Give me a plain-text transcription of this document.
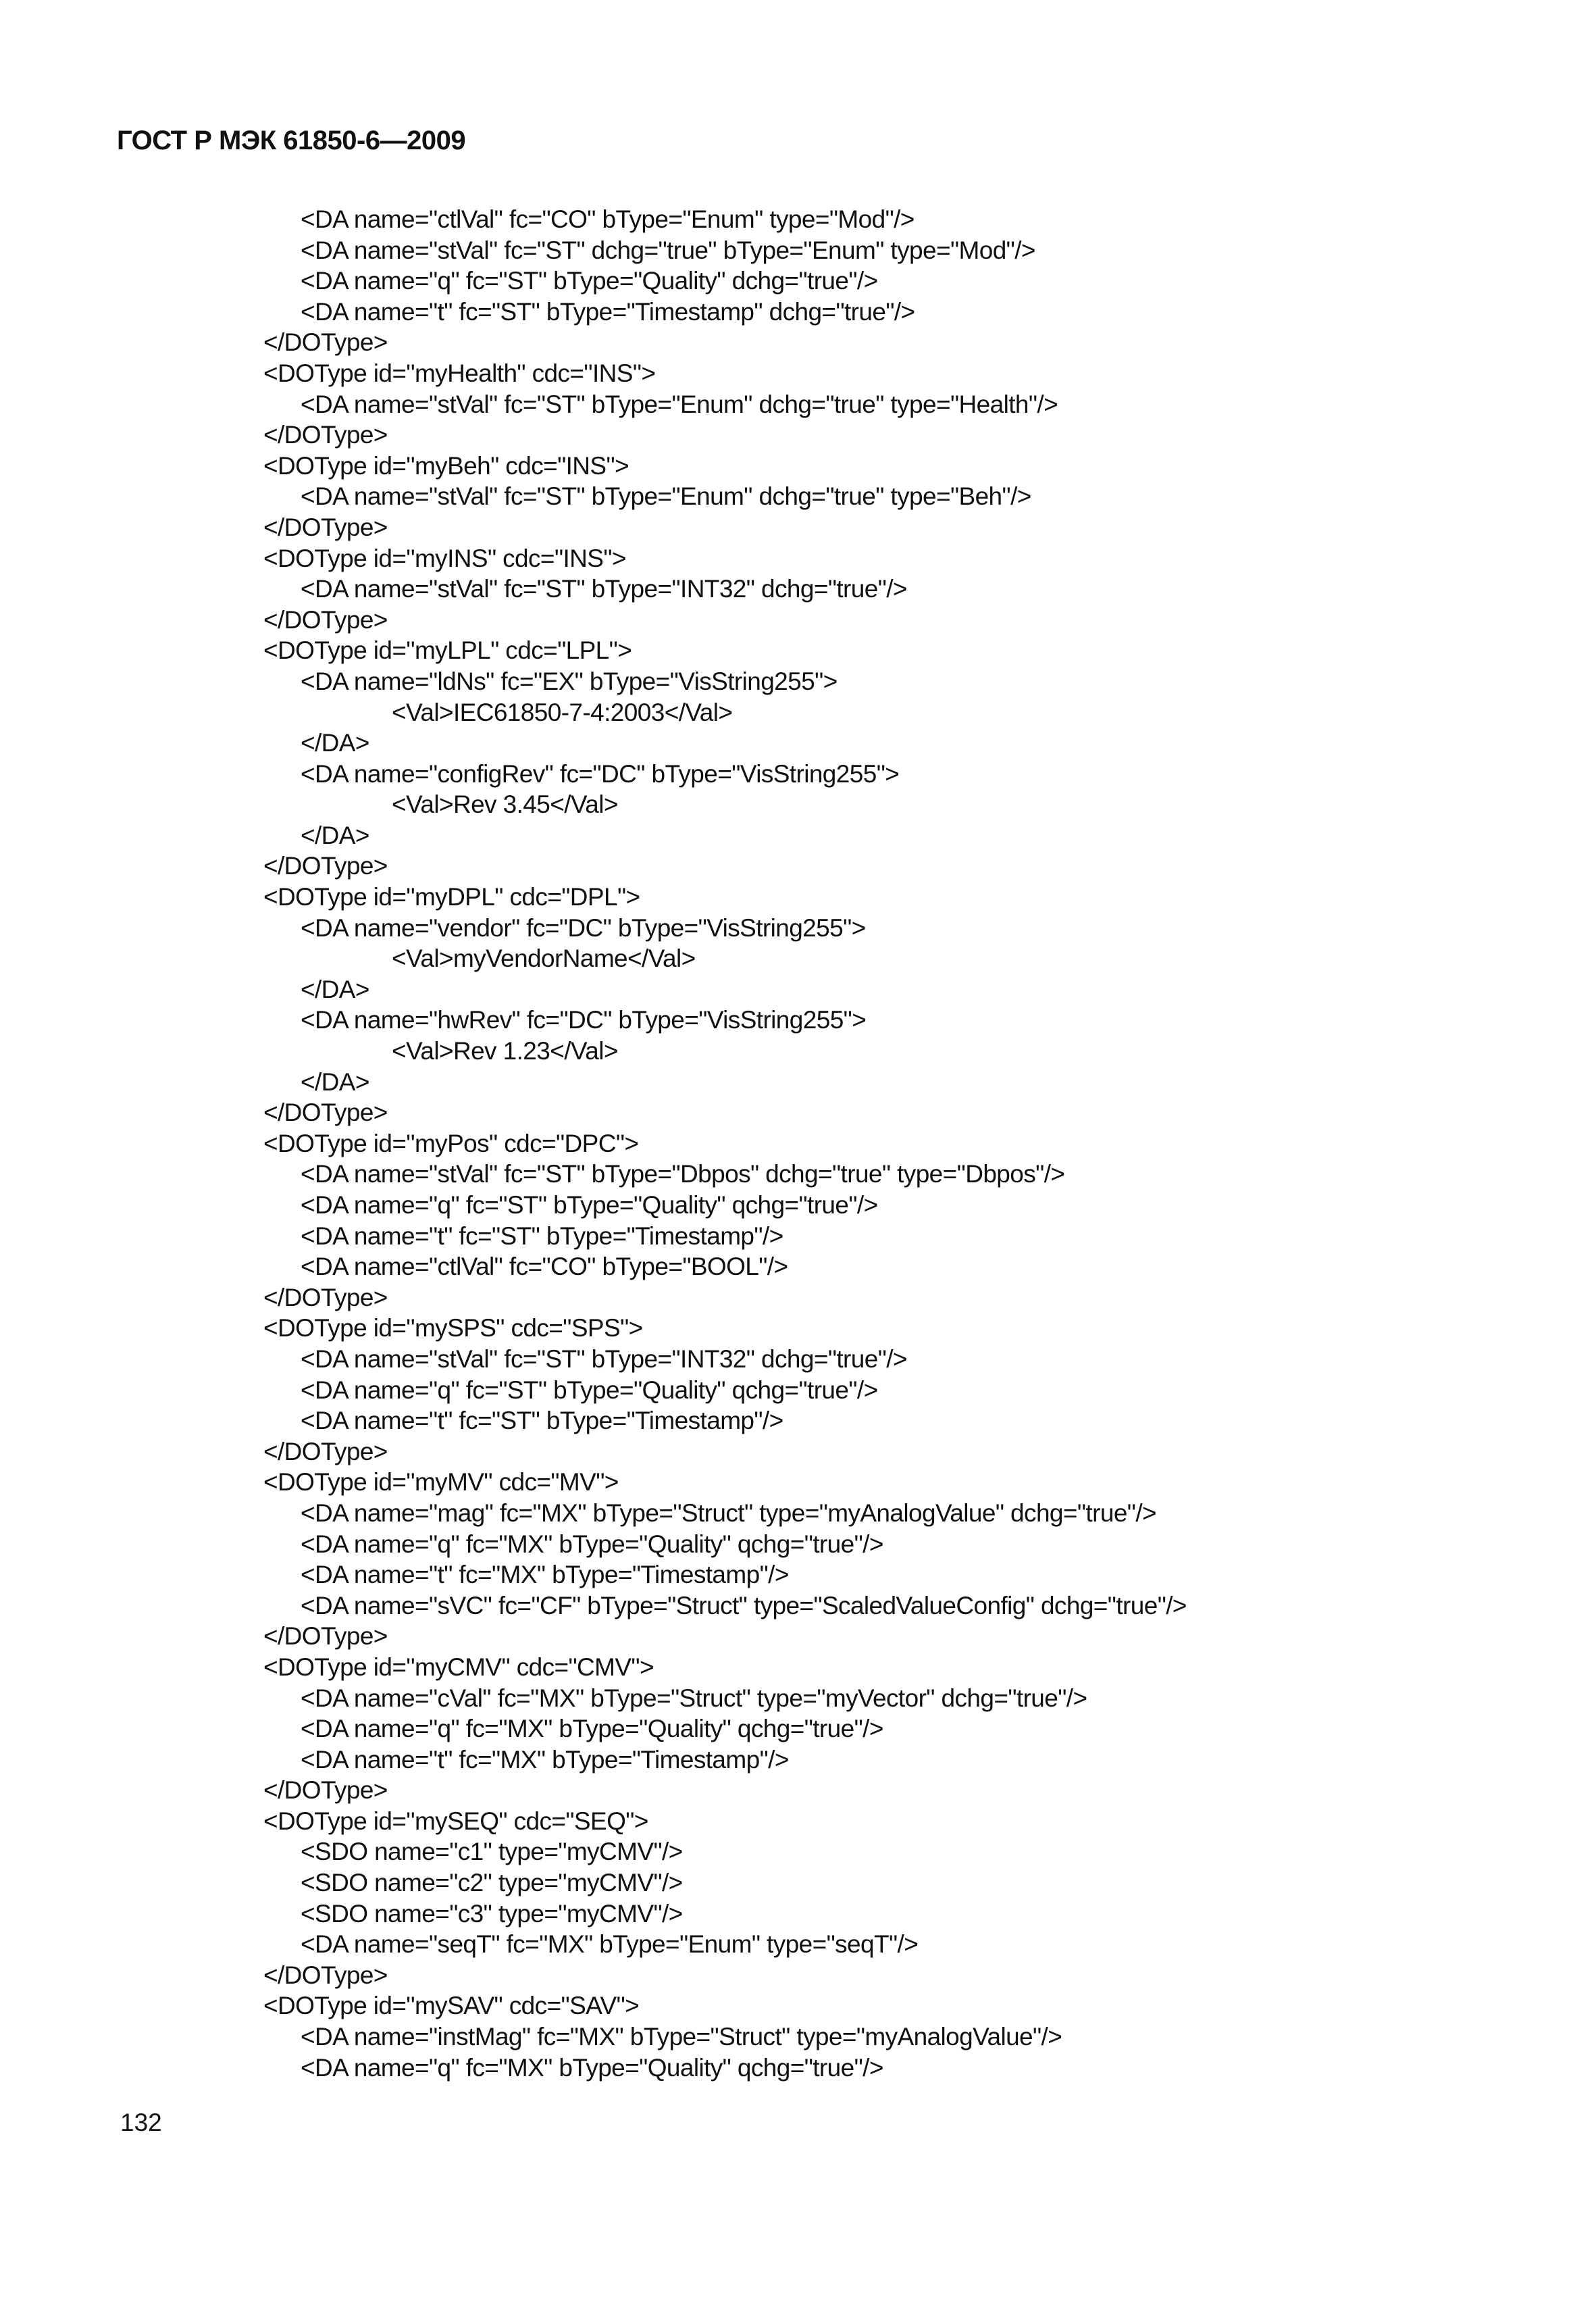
ГОСТ Р МЭК 61850-6—2009
<DA name="ctlVal" fc="CO" bType="Enum" type="Mod"/>
<DA name="stVal" fc="ST" dchg="true" bType="Enum" type="Mod"/>
<DA name="q" fc="ST" bType="Quality" dchg="true"/>
<DA name="t" fc="ST" bType="Timestamp" dchg="true"/>
</DOType>
<DOType id="myHealth" cdc="INS">
<DA name="stVal" fc="ST" bType="Enum" dchg="true" type="Health"/>
</DOType>
<DOType id="myBeh" cdc="INS">
<DA name="stVal" fc="ST" bType="Enum" dchg="true" type="Beh"/>
</DOType>
<DOType id="myINS" cdc="INS">
<DA name="stVal" fc="ST" bType="INT32" dchg="true"/>
</DOType>
<DOType id="myLPL" cdc="LPL">
<DA name="ldNs" fc="EX" bType="VisString255">
<Val>IEC61850-7-4:2003</Val>
</DA>
<DA name="configRev" fc="DC" bType="VisString255">
<Val>Rev 3.45</Val>
</DA>
</DOType>
<DOType id="myDPL" cdc="DPL">
<DA name="vendor" fc="DC" bType="VisString255">
<Val>myVendorName</Val>
</DA>
<DA name="hwRev" fc="DC" bType="VisString255">
<Val>Rev 1.23</Val>
</DA>
</DOType>
<DOType id="myPos" cdc="DPC">
<DA name="stVal" fc="ST" bType="Dbpos" dchg="true" type="Dbpos"/>
<DA name="q" fc="ST" bType="Quality" qchg="true"/>
<DA name="t" fc="ST" bType="Timestamp"/>
<DA name="ctlVal" fc="CO" bType="BOOL"/>
</DOType>
<DOType id="mySPS" cdc="SPS">
<DA name="stVal" fc="ST" bType="INT32" dchg="true"/>
<DA name="q" fc="ST" bType="Quality" qchg="true"/>
<DA name="t" fc="ST" bType="Timestamp"/>
</DOType>
<DOType id="myMV" cdc="MV">
<DA name="mag" fc="MX" bType="Struct" type="myAnalogValue" dchg="true"/>
<DA name="q" fc="MX" bType="Quality" qchg="true"/>
<DA name="t" fc="MX" bType="Timestamp"/>
<DA name="sVC" fc="CF" bType="Struct" type="ScaledValueConfig" dchg="true"/>
</DOType>
<DOType id="myCMV" cdc="CMV">
<DA name="cVal" fc="MX" bType="Struct" type="myVector" dchg="true"/>
<DA name="q" fc="MX" bType="Quality" qchg="true"/>
<DA name="t" fc="MX" bType="Timestamp"/>
</DOType>
<DOType id="mySEQ" cdc="SEQ">
<SDO name="c1" type="myCMV"/>
<SDO name="c2" type="myCMV"/>
<SDO name="c3" type="myCMV"/>
<DA name="seqT" fc="MX" bType="Enum" type="seqT"/>
</DOType>
<DOType id="mySAV" cdc="SAV">
<DA name="instMag" fc="MX" bType="Struct" type="myAnalogValue"/>
<DA name="q" fc="MX" bType="Quality" qchg="true"/>
132
